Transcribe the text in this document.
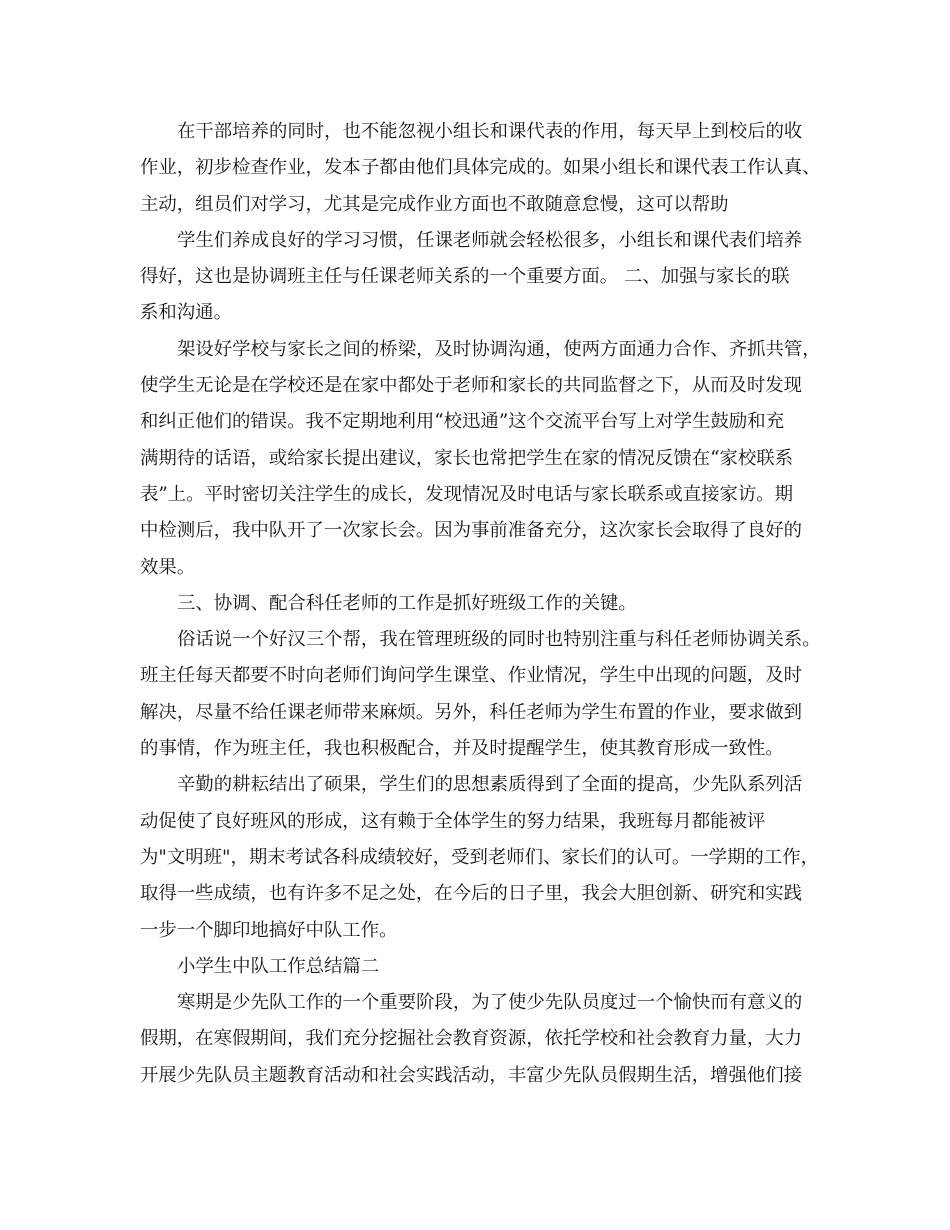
在干部培养的同时，也不能忽视小组长和课代表的作用，每天早上到校后的收
作业，初步检查作业，发本子都由他们具体完成的。如果小组长和课代表工作认真、
主动，组员们对学习，尤其是完成作业方面也不敢随意怠慢，这可以帮助
学生们养成良好的学习习惯，任课老师就会轻松很多，小组长和课代表们培养
得好，这也是协调班主任与任课老师关系的一个重要方面。 二、加强与家长的联
系和沟通。
架设好学校与家长之间的桥梁，及时协调沟通，使两方面通力合作、齐抓共管，
使学生无论是在学校还是在家中都处于老师和家长的共同监督之下，从而及时发现
和纠正他们的错误。我不定期地利用“校迅通”这个交流平台写上对学生鼓励和充
满期待的话语，或给家长提出建议，家长也常把学生在家的情况反馈在“家校联系
表”上。平时密切关注学生的成长，发现情况及时电话与家长联系或直接家访。期
中检测后，我中队开了一次家长会。因为事前准备充分，这次家长会取得了良好的
效果。
三、协调、配合科任老师的工作是抓好班级工作的关键。
俗话说一个好汉三个帮，我在管理班级的同时也特别注重与科任老师协调关系。
班主任每天都要不时向老师们询问学生课堂、作业情况，学生中出现的问题，及时
解决，尽量不给任课老师带来麻烦。另外，科任老师为学生布置的作业，要求做到
的事情，作为班主任，我也积极配合，并及时提醒学生，使其教育形成一致性。
辛勤的耕耘结出了硕果，学生们的思想素质得到了全面的提高，少先队系列活
动促使了良好班风的形成，这有赖于全体学生的努力结果，我班每月都能被评
为"文明班"，期末考试各科成绩较好，受到老师们、家长们的认可。一学期的工作，
取得一些成绩，也有许多不足之处，在今后的日子里，我会大胆创新、研究和实践
一步一个脚印地搞好中队工作。
小学生中队工作总结篇二
寒期是少先队工作的一个重要阶段，为了使少先队员度过一个愉快而有意义的
假期，在寒假期间，我们充分挖掘社会教育资源，依托学校和社会教育力量，大力
开展少先队员主题教育活动和社会实践活动，丰富少先队员假期生活，增强他们接
